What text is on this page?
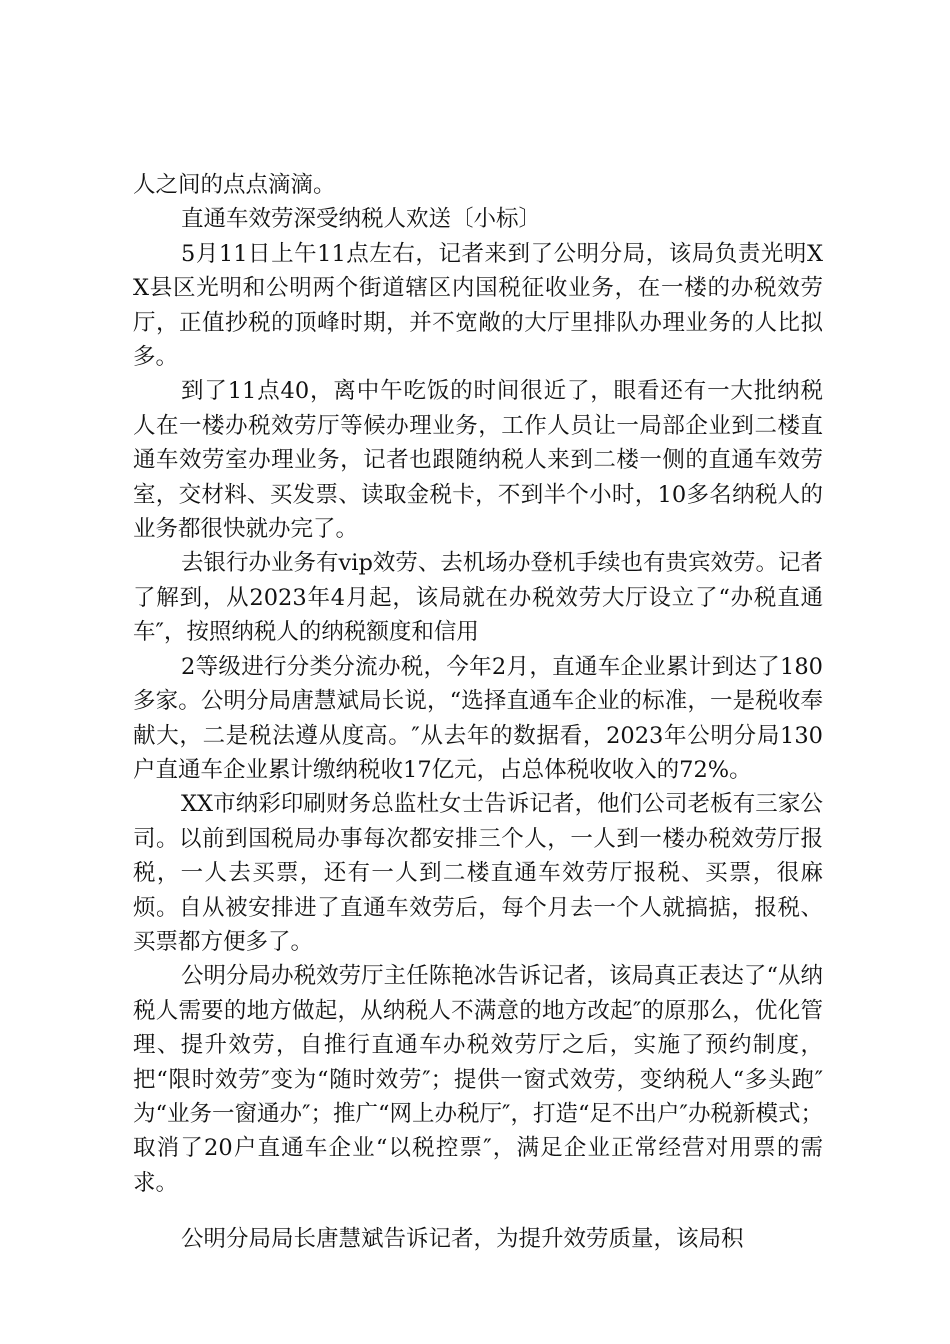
人之间的点点滴滴。

直通车效劳深受纳税人欢送〔小标〕

5月11日上午11点左右，记者来到了公明分局，该局负责光明XX县区光明和公明两个街道辖区内国税征收业务，在一楼的办税效劳厅，正值抄税的顶峰时期，并不宽敞的大厅里排队办理业务的人比拟多。

到了11点40，离中午吃饭的时间很近了，眼看还有一大批纳税人在一楼办税效劳厅等候办理业务，工作人员让一局部企业到二楼直通车效劳室办理业务，记者也跟随纳税人来到二楼一侧的直通车效劳室，交材料、买发票、读取金税卡，不到半个小时，10多名纳税人的业务都很快就办完了。

去银行办业务有vip效劳、去机场办登机手续也有贵宾效劳。记者了解到，从2023年4月起，该局就在办税效劳大厅设立了“办税直通车″，按照纳税人的纳税额度和信用

2等级进行分类分流办税，今年2月，直通车企业累计到达了180多家。公明分局唐慧斌局长说，“选择直通车企业的标准，一是税收奉献大，二是税法遵从度高。″从去年的数据看，2023年公明分局130户直通车企业累计缴纳税收17亿元，占总体税收收入的72%。

XX市纳彩印刷财务总监杜女士告诉记者，他们公司老板有三家公司。以前到国税局办事每次都安排三个人，一人到一楼办税效劳厅报税，一人去买票，还有一人到二楼直通车效劳厅报税、买票，很麻烦。自从被安排进了直通车效劳后，每个月去一个人就搞掂，报税、买票都方便多了。

公明分局办税效劳厅主任陈艳冰告诉记者，该局真正表达了“从纳税人需要的地方做起，从纳税人不满意的地方改起″的原那么，优化管理、提升效劳，自推行直通车办税效劳厅之后，实施了预约制度，把“限时效劳″变为“随时效劳″；提供一窗式效劳，变纳税人“多头跑″为“业务一窗通办″；推广“网上办税厅″，打造“足不出户″办税新模式；取消了20户直通车企业“以税控票″，满足企业正常经营对用票的需求。

公明分局局长唐慧斌告诉记者，为提升效劳质量，该局积
